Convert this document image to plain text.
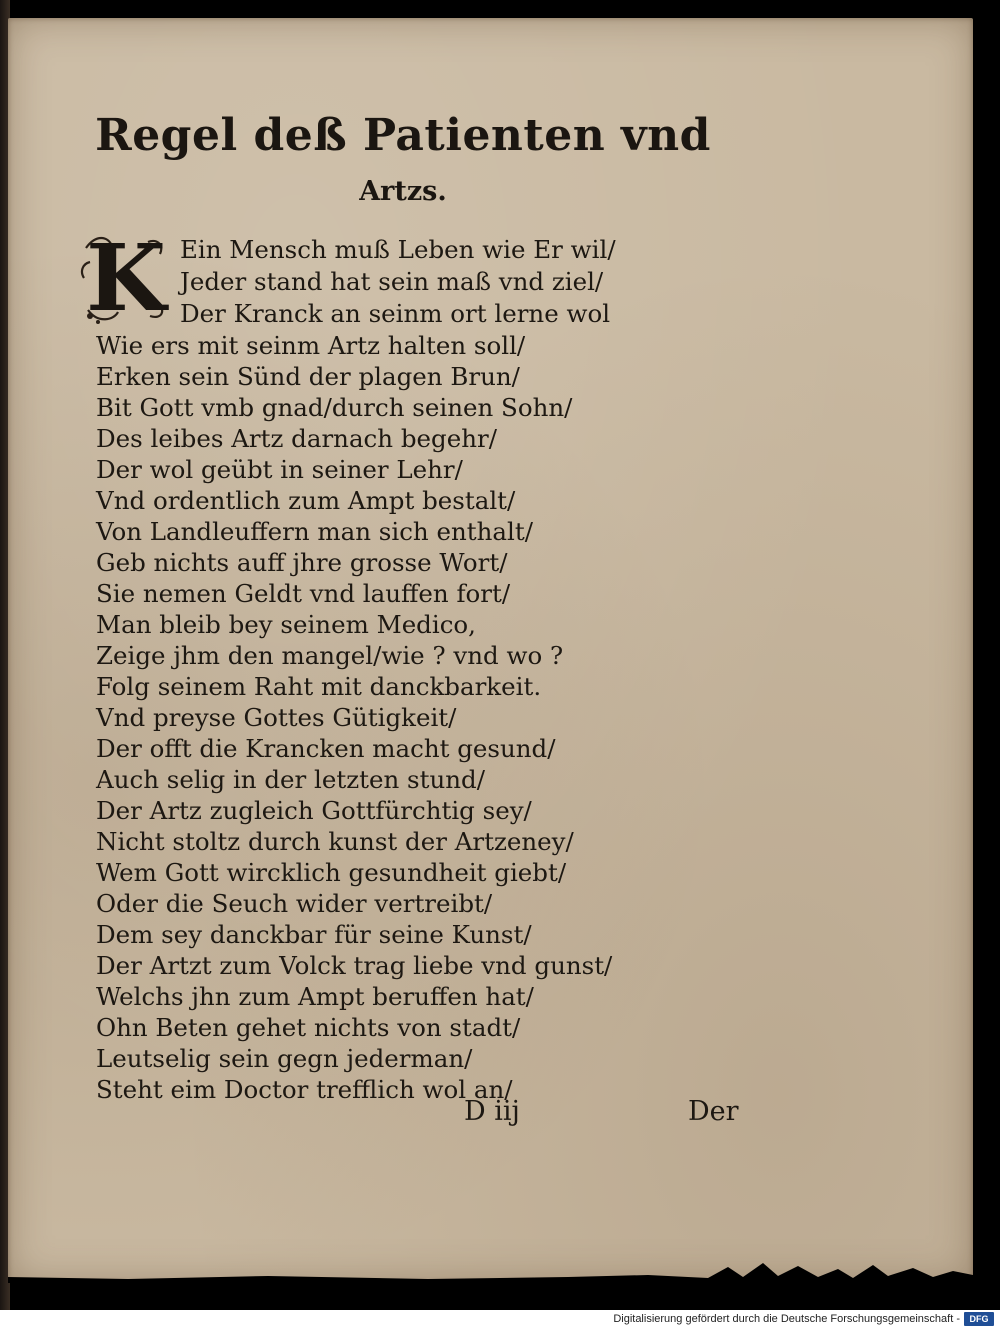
Regel deß Patienten vnd
Artzs.
K Ein Mensch muß Leben wie Er wil/
Jeder stand hat sein maß vnd ziel/
Der Kranck an seinm ort lerne wol
Wie ers mit seinm Artz halten soll/
Erken sein Sünd der plagen Brun/
Bit Gott vmb gnad/durch seinen Sohn/
Des leibes Artz darnach begehr/
Der wol geübt in seiner Lehr/
Vnd ordentlich zum Ampt bestalt/
Von Landleuffern man sich enthalt/
Geb nichts auff jhre grosse Wort/
Sie nemen Geldt vnd lauffen fort/
Man bleib bey seinem Medico,
Zeige jhm den mangel/wie ? vnd wo ?
Folg seinem Raht mit danckbarkeit.
Vnd preyse Gottes Gütigkeit/
Der offt die Krancken macht gesund/
Auch selig in der letzten stund/
Der Artz zugleich Gottfürchtig sey/
Nicht stoltz durch kunst der Artzeney/
Wem Gott wircklich gesundheit giebt/
Oder die Seuch wider vertreibt/
Dem sey danckbar für seine Kunst/
Der Artzt zum Volck trag liebe vnd gunst/
Welchs jhn zum Ampt beruffen hat/
Ohn Beten gehet nichts von stadt/
Leutselig sein gegn jederman/
Steht eim Doctor trefflich wol an/

D iij	Der

Digitalisierung gefördert durch die Deutsche Forschungsgemeinschaft -	DFG
